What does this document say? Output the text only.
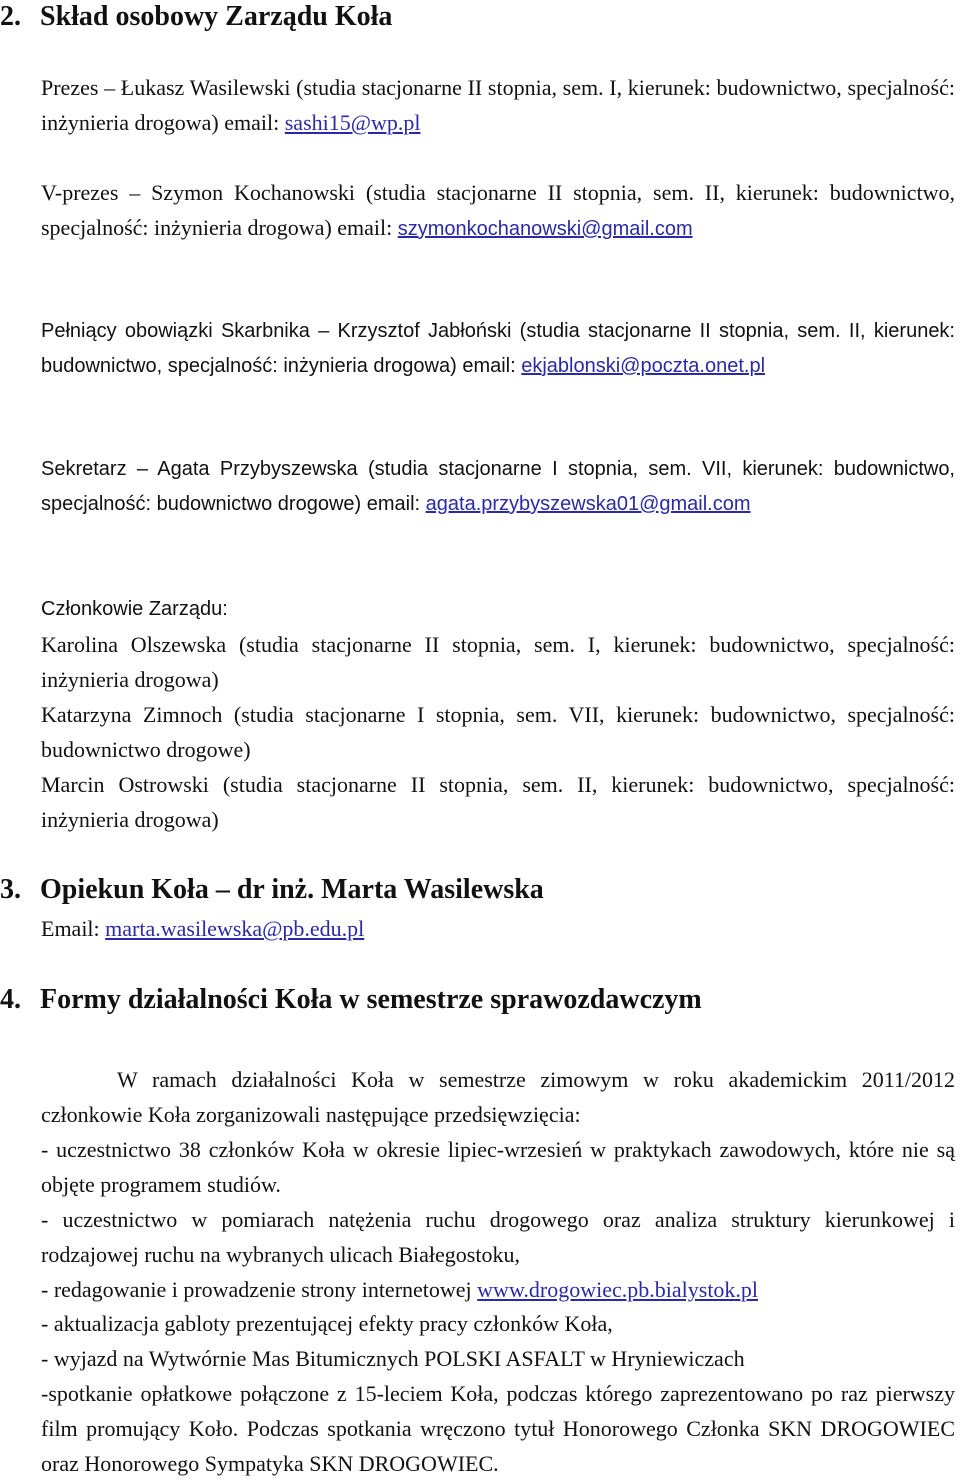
2. Skład osobowy Zarządu Koła
Prezes – Łukasz Wasilewski (studia stacjonarne II stopnia, sem. I, kierunek: budownictwo, specjalność: inżynieria drogowa) email: sashi15@wp.pl
V-prezes – Szymon Kochanowski (studia stacjonarne II stopnia, sem. II, kierunek: budownictwo, specjalność: inżynieria drogowa) email: szymonkochanowski@gmail.com
Pełniący obowiązki Skarbnika – Krzysztof Jabłoński (studia stacjonarne II stopnia, sem. II, kierunek: budownictwo, specjalność: inżynieria drogowa) email: ekjablonski@poczta.onet.pl
Sekretarz – Agata Przybyszewska (studia stacjonarne I stopnia, sem. VII, kierunek: budownictwo, specjalność: budownictwo drogowe) email: agata.przybyszewska01@gmail.com
Członkowie Zarządu:
Karolina Olszewska (studia stacjonarne II stopnia, sem. I, kierunek: budownictwo, specjalność: inżynieria drogowa)
Katarzyna Zimnoch (studia stacjonarne I stopnia, sem. VII, kierunek: budownictwo, specjalność: budownictwo drogowe)
Marcin Ostrowski (studia stacjonarne II stopnia, sem. II, kierunek: budownictwo, specjalność: inżynieria drogowa)
3. Opiekun Koła – dr inż. Marta Wasilewska
Email: marta.wasilewska@pb.edu.pl
4. Formy działalności Koła w semestrze sprawozdawczym
W ramach działalności Koła w semestrze zimowym w roku akademickim 2011/2012 członkowie Koła zorganizowali następujące przedsięwzięcia:
- uczestnictwo 38 członków Koła w okresie lipiec-wrzesień w praktykach zawodowych, które nie są objęte programem studiów.
- uczestnictwo w pomiarach natężenia ruchu drogowego oraz analiza struktury kierunkowej i rodzajowej ruchu na wybranych ulicach Białegostoku,
- redagowanie i prowadzenie strony internetowej www.drogowiec.pb.bialystok.pl
- aktualizacja gabloty prezentującej efekty pracy członków Koła,
- wyjazd na Wytwórnie Mas Bitumicznych POLSKI ASFALT w Hryniewiczach
-spotkanie opłatkowe połączone z 15-leciem Koła, podczas którego zaprezentowano po raz pierwszy film promujący Koło. Podczas spotkania wręczono tytuł Honorowego Członka SKN DROGOWIEC oraz Honorowego Sympatyka SKN DROGOWIEC.
